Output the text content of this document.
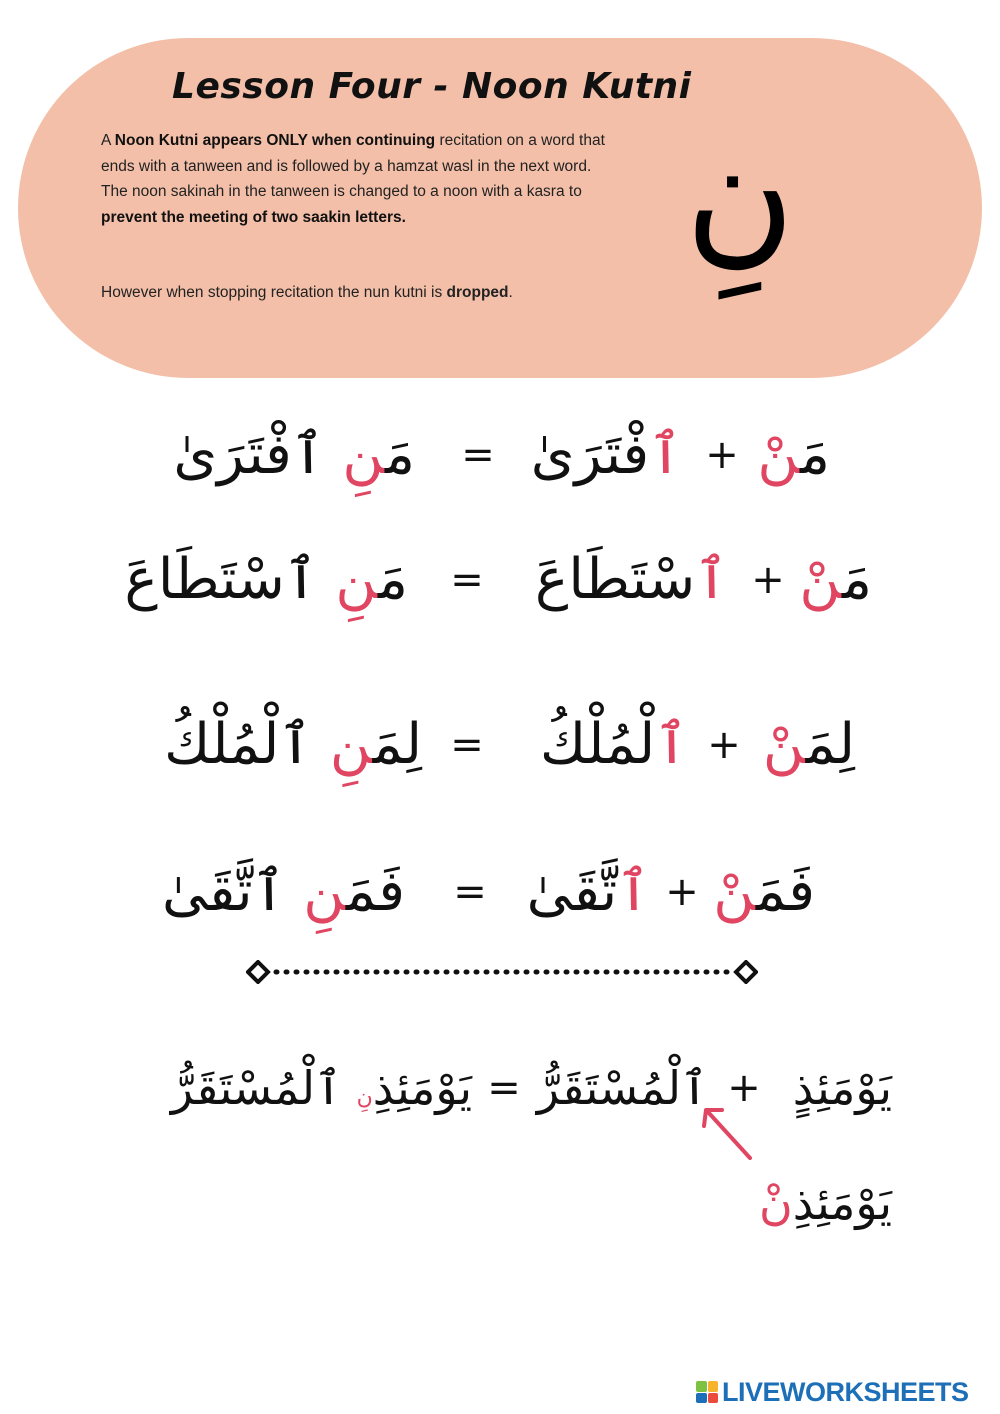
Lesson Four - Noon Kutni
A Noon Kutni appears ONLY when continuing recitation on a word that ends with a tanween and is followed by a hamzat wasl in the next word. The noon sakinah in the tanween is changed to a noon with a kasra to prevent the meeting of two saakin letters.
However when stopping recitation the nun kutni is dropped.
نِ
مَنْ
+
ٱفْتَرَىٰ
=
مَنِ ٱفْتَرَىٰ
مَنْ
+
ٱسْتَطَاعَ
=
مَنِ ٱسْتَطَاعَ
لِمَنْ
+
ٱلْمُلْكُ
=
لِمَنِ ٱلْمُلْكُ
فَمَنْ
+
ٱتَّقَىٰ
=
فَمَنِ ٱتَّقَىٰ
يَوْمَئِذٍ
+
ٱلْمُسْتَقَرُّ
=
يَوْمَئِذِنِ ٱلْمُسْتَقَرُّ
يَوْمَئِذِنْ
LIVEWORKSHEETS
